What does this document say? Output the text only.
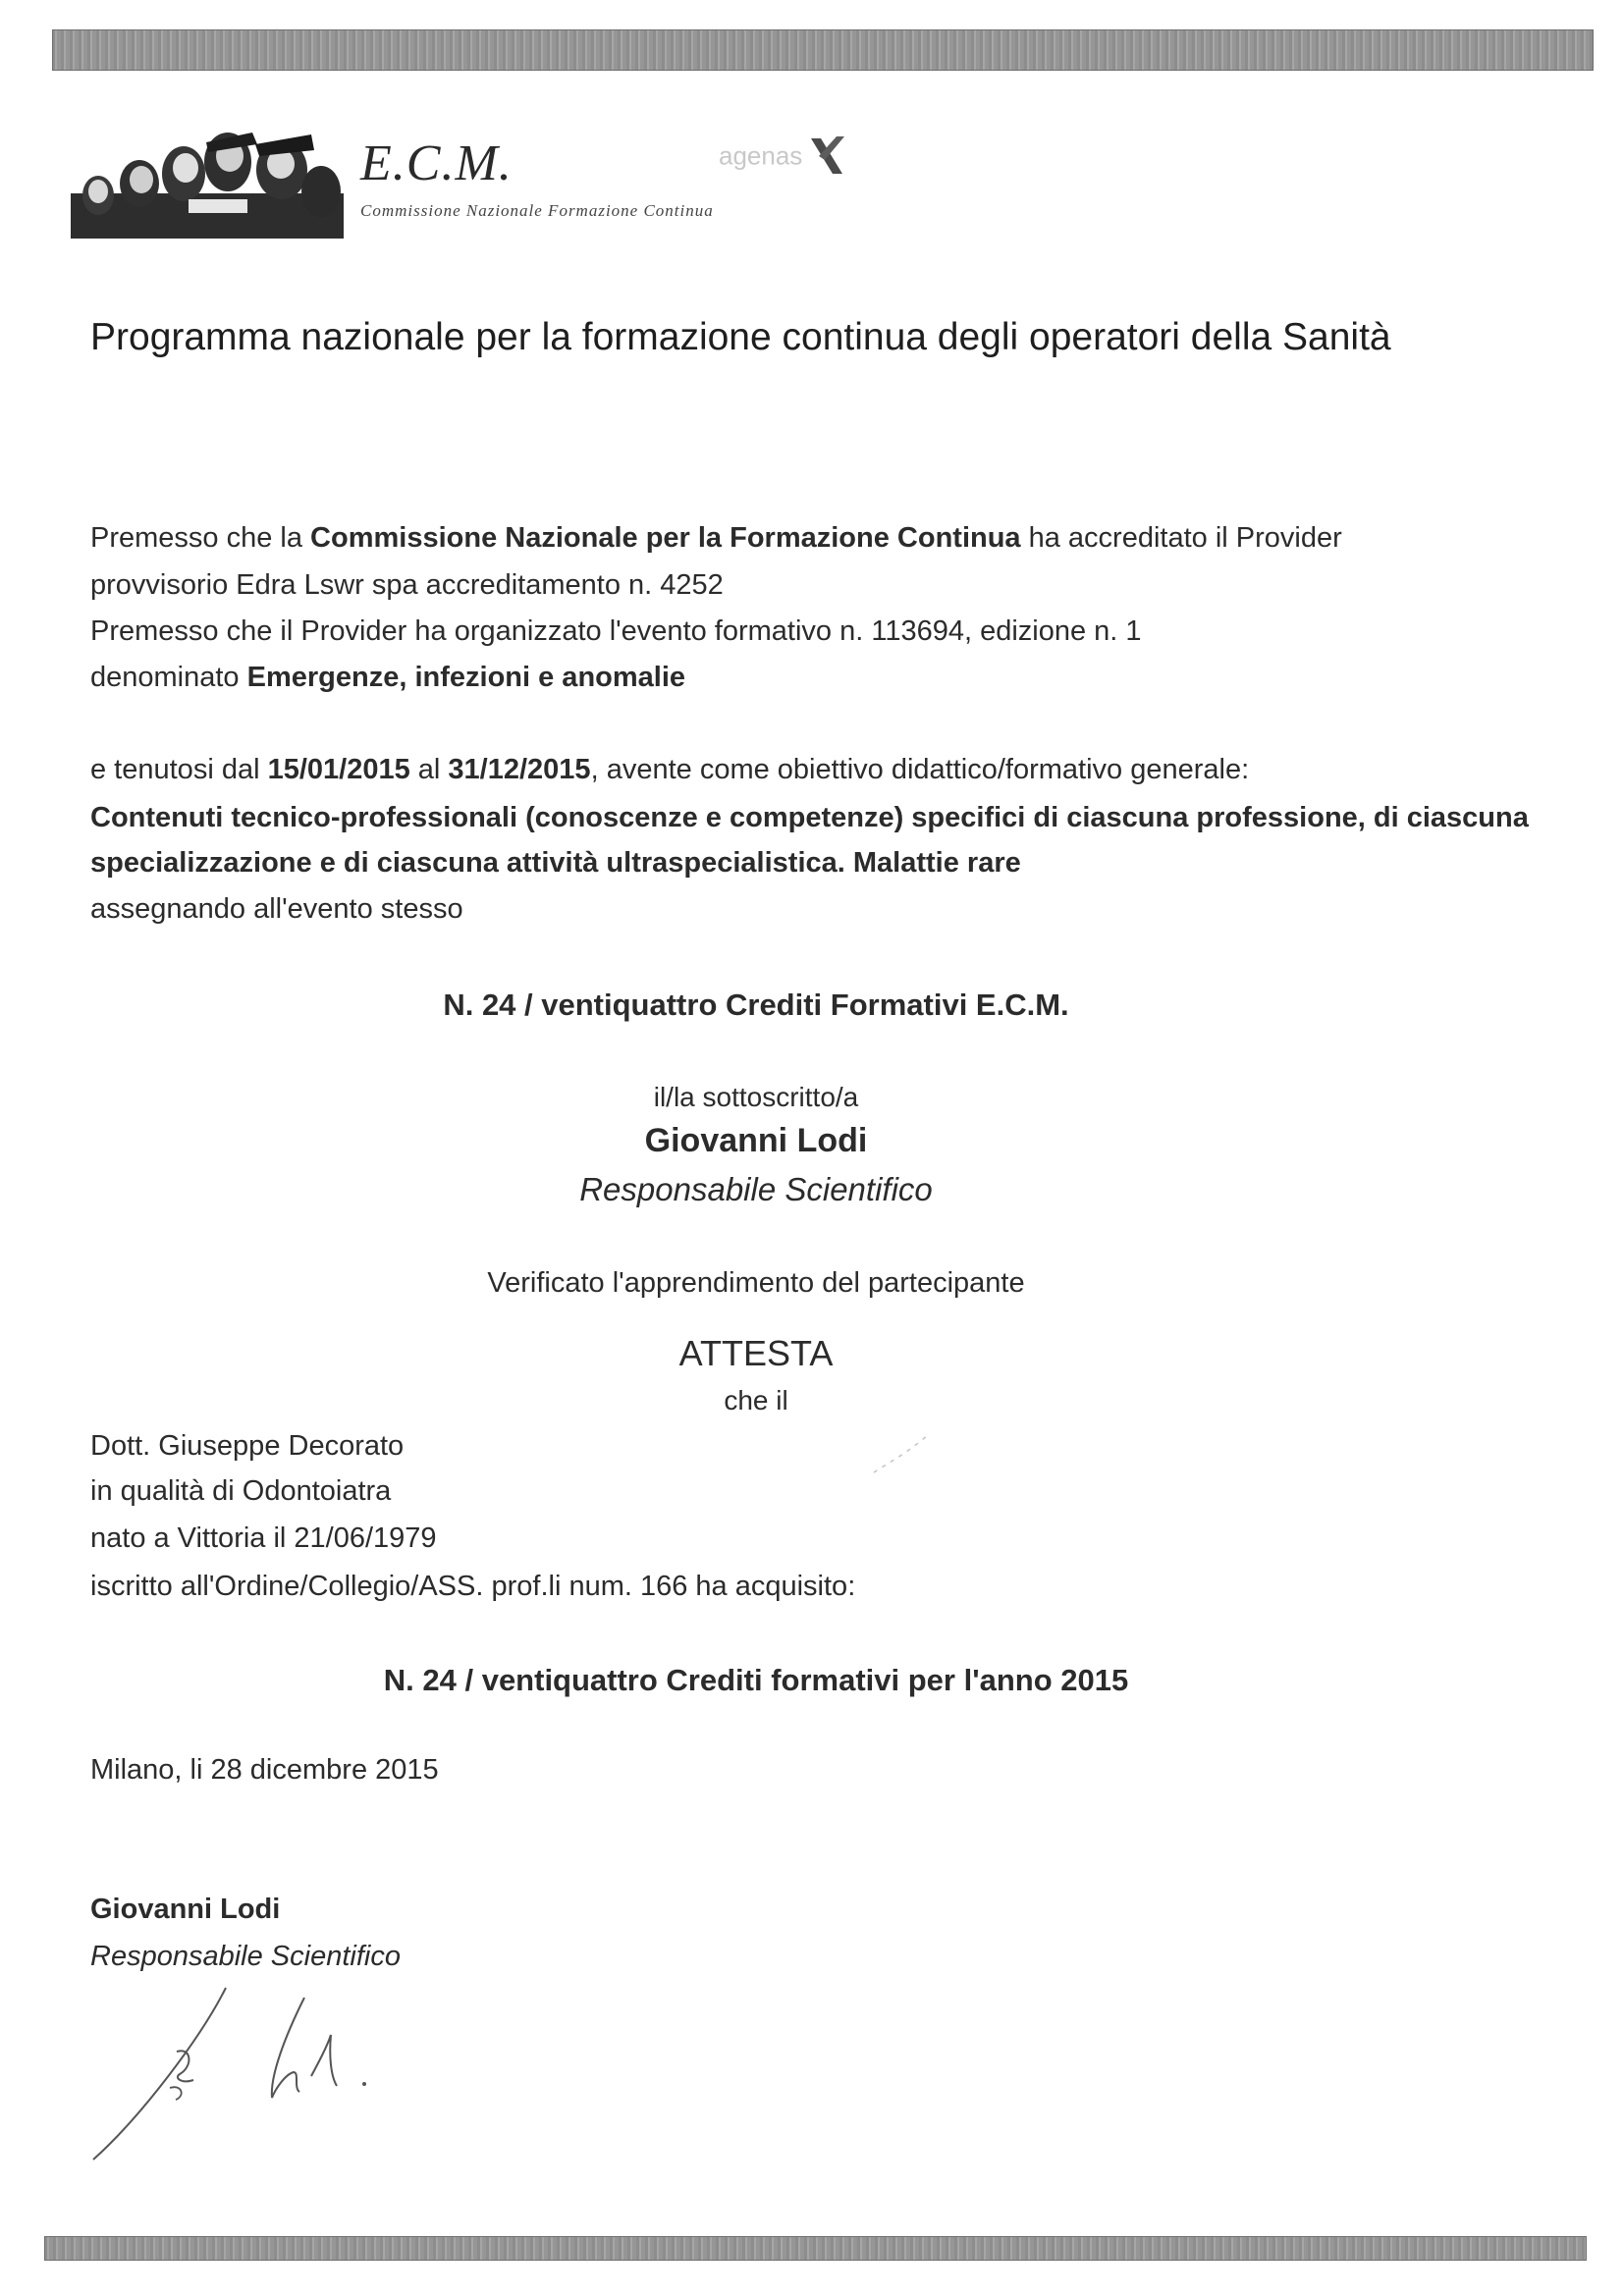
E.C.M.
Commissione Nazionale Formazione Continua
agenas
Programma nazionale per la formazione continua degli operatori della Sanità
Premesso che la Commissione Nazionale per la Formazione Continua ha accreditato il Provider
provvisorio Edra Lswr spa accreditamento n. 4252
Premesso che il Provider ha organizzato l'evento formativo n. 113694, edizione n. 1
denominato Emergenze, infezioni e anomalie
e tenutosi dal 15/01/2015 al 31/12/2015, avente come obiettivo didattico/formativo generale:
Contenuti tecnico-professionali (conoscenze e competenze) specifici di ciascuna professione, di ciascuna specializzazione e di ciascuna attività ultraspecialistica. Malattie rare
assegnando all'evento stesso
N. 24 / ventiquattro Crediti Formativi E.C.M.
il/la sottoscritto/a
Giovanni Lodi
Responsabile Scientifico
Verificato l'apprendimento del partecipante
ATTESTA
che il
Dott. Giuseppe Decorato
in qualità di Odontoiatra
nato a Vittoria il 21/06/1979
iscritto all'Ordine/Collegio/ASS. prof.li num. 166 ha acquisito:
N. 24 / ventiquattro Crediti formativi per l'anno 2015
Milano, li 28 dicembre 2015
Giovanni Lodi
Responsabile Scientifico
